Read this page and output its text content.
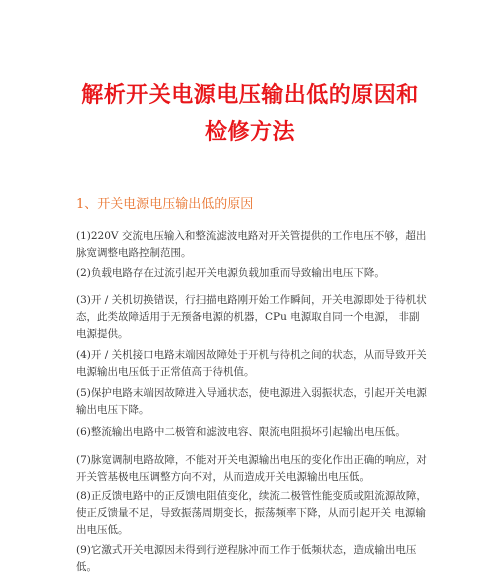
解析开关电源电压输出低的原因和
检修方法
1、开关电源电压输出低的原因

(1)220V 交流电压输入和整流滤波电路对开关管提供的工作电压不够，超出脉宽调整电路控制范围。

(2)负载电路存在过流引起开关电源负载加重而导致输出电压下降。

(3)开 / 关机切换错误，行扫描电路刚开始工作瞬间，开关电源即处于待机状态，此类故障适用于无预备电源的机器，CPu 电源取自同一个电源， 非副电源提供。

(4)开 / 关机接口电路末端因故障处于开机与待机之间的状态，从而导致开关电源输出电压低于正常值高于待机值。

(5)保护电路末端因故障进入导通状态，使电源进入弱振状态，引起开关电源输出电压下降。

(6)整流输出电路中二极管和滤波电容、限流电阻损坏引起输出电压低。

(7)脉宽调制电路故障，不能对开关电源输出电压的变化作出正确的响应，对开关管基极电压调整方向不对，从而造成开关电源输出电压低。

(8)正反馈电路中的正反馈电阻值变化，续流二极管性能变质或阻流源故障，使正反馈量不足，导致振荡周期变长，振荡频率下降，从而引起开关 电源输出电压低。

(9)它激式开关电源因未得到行逆程脉冲而工作于低频状态，造成输出电压低。
